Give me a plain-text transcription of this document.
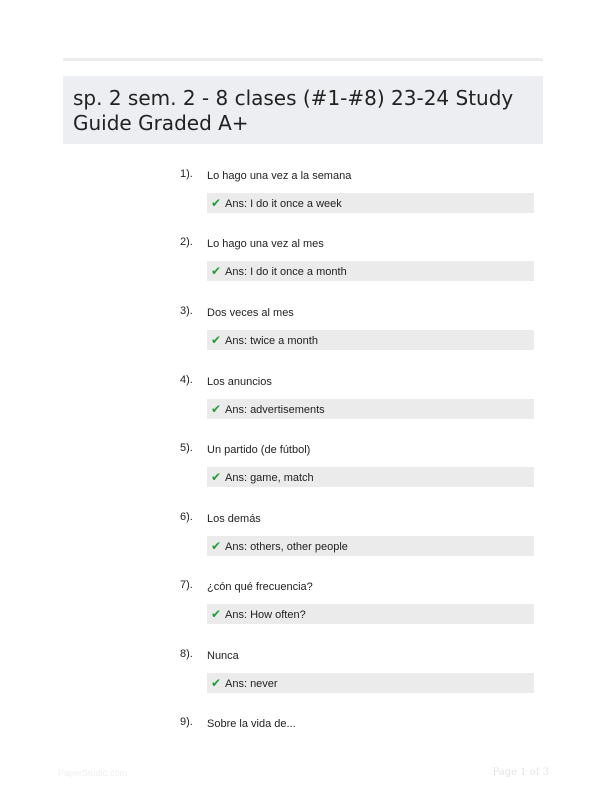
sp. 2 sem. 2 - 8 clases (#1-#8) 23-24 Study Guide Graded A+
1). Lo hago una vez a la semana
✔ Ans: I do it once a week
2). Lo hago una vez al mes
✔ Ans: I do it once a month
3). Dos veces al mes
✔ Ans: twice a month
4). Los anuncios
✔ Ans: advertisements
5). Un partido (de fútbol)
✔ Ans: game, match
6). Los demás
✔ Ans: others, other people
7). ¿cón qué frecuencia?
✔ Ans: How often?
8). Nunca
✔ Ans: never
9). Sobre la vida de...
PaperStudio.com	Page 1 of 3
